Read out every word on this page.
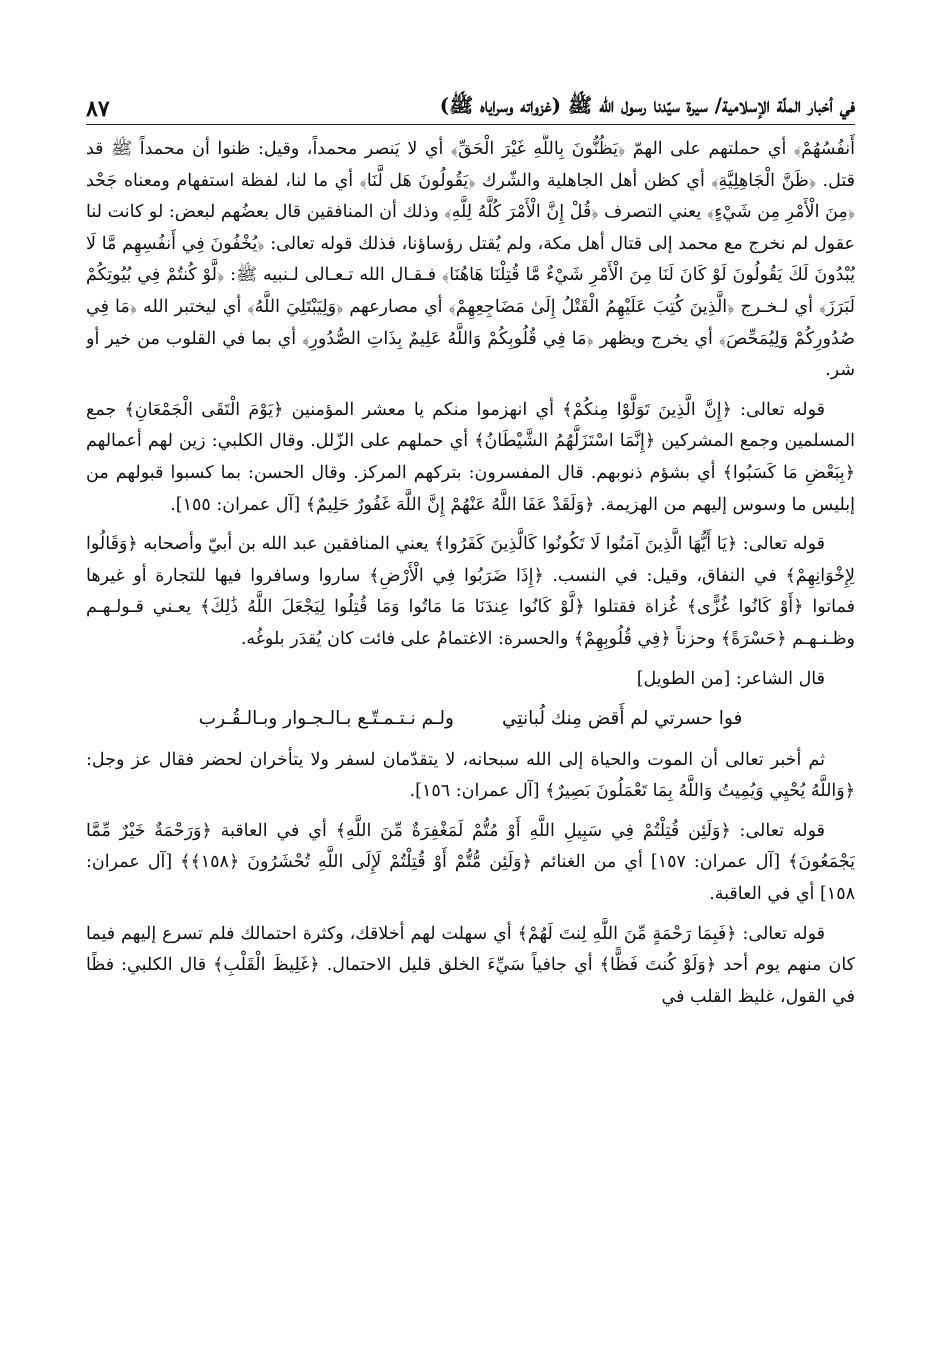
في أخبار الملّة الإسلامية/ سيرة سيّدنا رسول الله ﷺ (غزواته وسراياه ﷺ)
٨٧

أَنفُسُهُمْ﴾ أي حملتهم على الهمّ ﴿يَظُنُّونَ بِاللَّهِ غَيْرَ الْحَقِّ﴾ أي لا يَنصر محمداً، وقيل: ظنوا أن محمداً ﷺ قد قتل. ﴿ظَنَّ الْجَاهِلِيَّةِ﴾ أي كظن أهل الجاهلية والشّرك ﴿يَقُولُونَ هَل لَّنَا﴾ أي ما لنا، لفظة استفهام ومعناه جَحْد ﴿مِنَ الْأَمْرِ مِن شَيْءٍ﴾ يعني التصرف ﴿قُلْ إِنَّ الْأَمْرَ كُلَّهُ لِلَّهِ﴾ وذلك أن المنافقين قال بعضُهم لبعض: لو كانت لنا عقول لم نخرج مع محمد إلى قتال أهل مكة، ولم يُقتل رؤساؤنا، فذلك قوله تعالى: ﴿يُخْفُونَ فِي أَنفُسِهِم مَّا لَا يُبْدُونَ لَكَ يَقُولُونَ لَوْ كَانَ لَنَا مِنَ الْأَمْرِ شَيْءٌ مَّا قُتِلْنَا هَاهُنَا﴾ فـقـال الله تـعـالى لـنبيه ﷺ: ﴿لَّوْ كُنتُمْ فِي بُيُوتِكُمْ لَبَرَزَ﴾ أي لـخـرج ﴿الَّذِينَ كُتِبَ عَلَيْهِمُ الْقَتْلُ إِلَىٰ مَضَاجِعِهِمْ﴾ أي مصارعهم ﴿وَلِيَبْتَلِيَ اللَّهُ﴾ أي ليختبر الله ﴿مَا فِي صُدُورِكُمْ وَلِيُمَحِّصَ﴾ أي يخرج ويظهر ﴿مَا فِي قُلُوبِكُمْ وَاللَّهُ عَلِيمٌ بِذَاتِ الصُّدُورِ﴾ أي بما في القلوب من خير أو شر.

قوله تعالى: ﴿إِنَّ الَّذِينَ تَوَلَّوْا مِنكُمْ﴾ أي انهزموا منكم يا معشر المؤمنين ﴿يَوْمَ الْتَقَى الْجَمْعَانِ﴾ جمع المسلمين وجمع المشركين ﴿إِنَّمَا اسْتَزَلَّهُمُ الشَّيْطَانُ﴾ أي حملهم على الزّلل. وقال الكلبي: زين لهم أعمالهم ﴿بِبَعْضِ مَا كَسَبُوا﴾ أي بشؤم ذنوبهم. قال المفسرون: بتركهم المركز. وقال الحسن: بما كسبوا قبولهم من إبليس ما وسوس إليهم من الهزيمة. ﴿وَلَقَدْ عَفَا اللَّهُ عَنْهُمْ إِنَّ اللَّهَ غَفُورٌ حَلِيمٌ﴾ [آل عمران: ١٥٥].

قوله تعالى: ﴿يَا أَيُّهَا الَّذِينَ آمَنُوا لَا تَكُونُوا كَالَّذِينَ كَفَرُوا﴾ يعني المنافقين عبد الله بن أبيّ وأصحابه ﴿وَقَالُوا لِإِخْوَانِهِمْ﴾ في النفاق، وقيل: في النسب. ﴿إِذَا ضَرَبُوا فِي الْأَرْضِ﴾ ساروا وسافروا فيها للتجارة أو غيرها فماتوا ﴿أَوْ كَانُوا غُزًّى﴾ غُزاة فقتلوا ﴿لَّوْ كَانُوا عِندَنَا مَا مَاتُوا وَمَا قُتِلُوا لِيَجْعَلَ اللَّهُ ذَٰلِكَ﴾ يعـني قـولـهـم وظـنـهـم ﴿حَسْرَةً﴾ وحزناً ﴿فِي قُلُوبِهِمْ﴾ والحسرة: الاغتمامُ على فائت كان يُقدَر بلوغُه.

قال الشاعر: [من الطويل]

فوا حسرتي لم أَقض مِنك لُبانتِي
ولـم نـتـمـتّـع بـالـجـوار وبـالـقُـرب

ثم أخبر تعالى أن الموت والحياة إلى الله سبحانه، لا يتقدّمان لسفر ولا يتأخران لحضر فقال عز وجل: ﴿وَاللَّهُ يُحْيِي وَيُمِيتُ وَاللَّهُ بِمَا تَعْمَلُونَ بَصِيرٌ﴾ [آل عمران: ١٥٦].

قوله تعالى: ﴿وَلَئِن قُتِلْتُمْ فِي سَبِيلِ اللَّهِ أَوْ مُتُّمْ لَمَغْفِرَةٌ مِّنَ اللَّهِ﴾ أي في العاقبة ﴿وَرَحْمَةٌ خَيْرٌ مِّمَّا يَجْمَعُونَ﴾ [آل عمران: ١٥٧] أي من الغنائم ﴿وَلَئِن مُّتُّمْ أَوْ قُتِلْتُمْ لَإِلَى اللَّهِ تُحْشَرُونَ ﴿١٥٨﴾﴾ [آل عمران: ١٥٨] أي في العاقبة.

قوله تعالى: ﴿فَبِمَا رَحْمَةٍ مِّنَ اللَّهِ لِنتَ لَهُمْ﴾ أي سهلت لهم أخلاقك، وكثرة احتمالك فلم تسرع إليهم فيما كان منهم يوم أحد ﴿وَلَوْ كُنتَ فَظًّا﴾ أي جافياً سَيِّءَ الخلق قليل الاحتمال. ﴿غَلِيظَ الْقَلْبِ﴾ قال الكلبي: فظًا في القول، غليظ القلب في
